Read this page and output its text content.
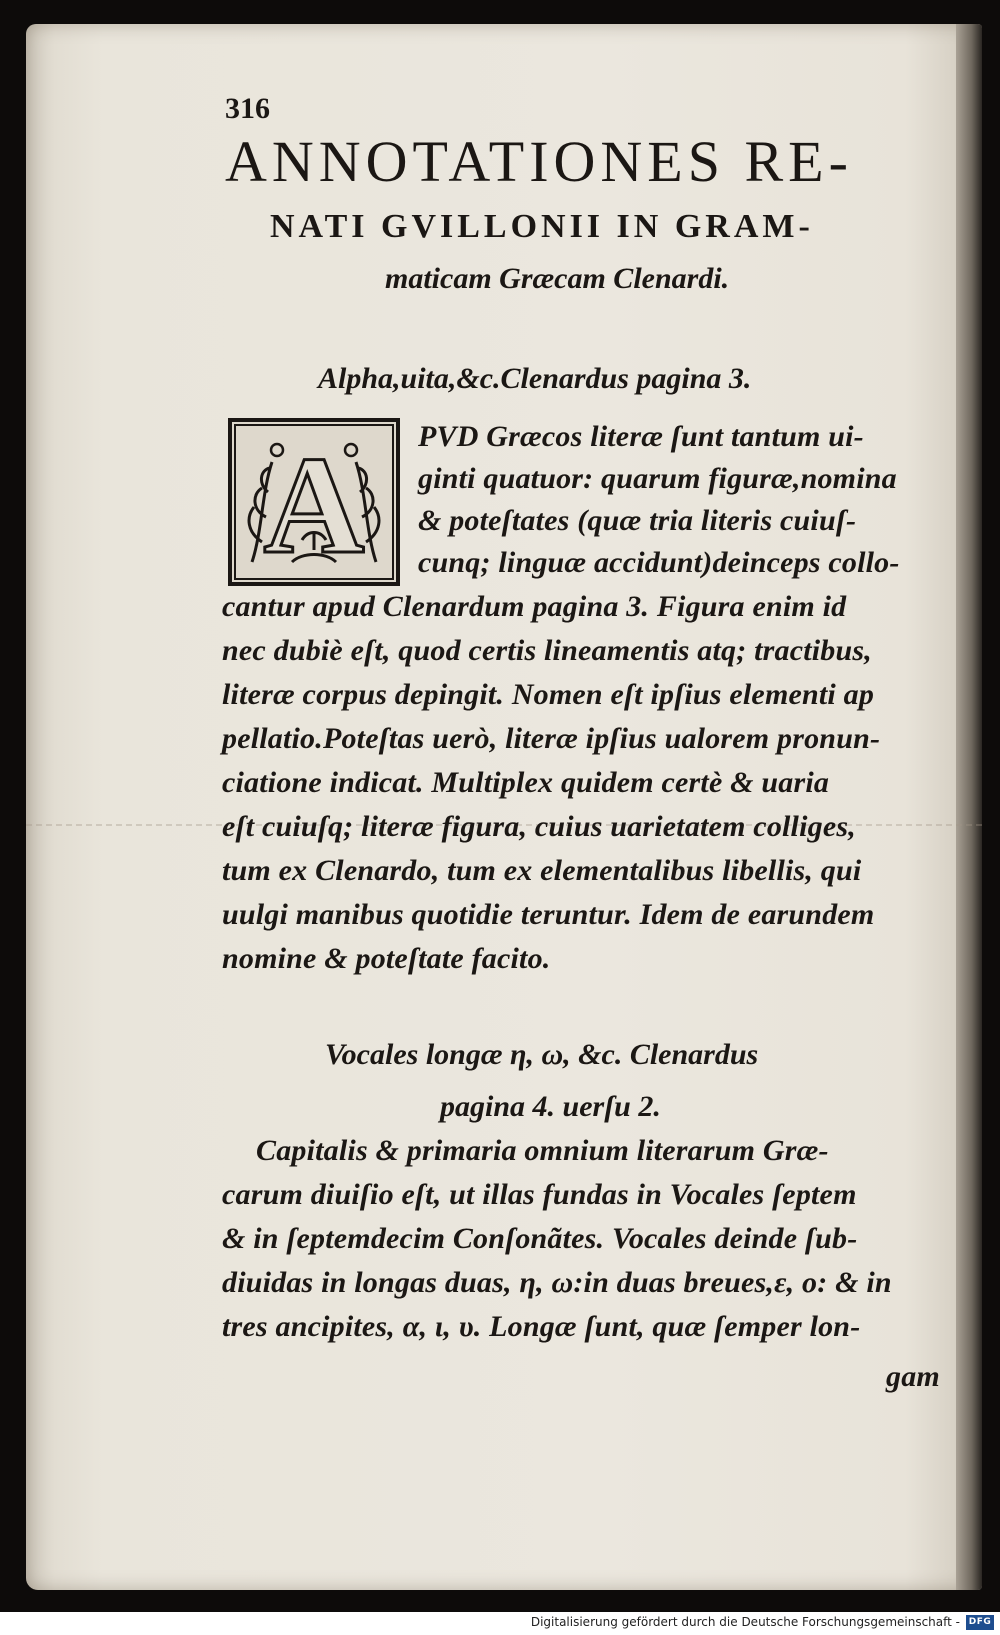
316
ANNOTATIONES RE-
NATI GVILLONII IN GRAM-
maticam Græcam Clenardi.
Alpha,uita,&c.Clenardus pagina 3.
A PVD Græcos literæ ſunt tantum ui-
ginti quatuor: quarum figuræ,nomina
& poteſtates (quæ tria literis cuiuſ-
cunq; linguæ accidunt)deinceps collo-
cantur apud Clenardum pagina 3. Figura enim id
nec dubiè eſt, quod certis lineamentis atq; tractibus,
literæ corpus depingit. Nomen eſt ipſius elementi ap
pellatio.Poteſtas uerò, literæ ipſius ualorem pronun-
ciatione indicat. Multiplex quidem certè & uaria
eſt cuiuſq; literæ figura, cuius uarietatem colliges,
tum ex Clenardo, tum ex elementalibus libellis, qui
uulgi manibus quotidie teruntur. Idem de earundem
nomine & poteſtate facito.
Vocales longæ η, ω, &c. Clenardus
pagina 4. uerſu 2.
Capitalis & primaria omnium literarum Græ-
carum diuiſio eſt, ut illas fundas in Vocales ſeptem
& in ſeptemdecim Conſonãtes. Vocales deinde ſub-
diuidas in longas duas, η, ω:in duas breues,ε, ο: & in
tres ancipites, α, ι, υ. Longæ ſunt, quæ ſemper lon-
gam
Digitalisierung gefördert durch die Deutsche Forschungsgemeinschaft - DFG
